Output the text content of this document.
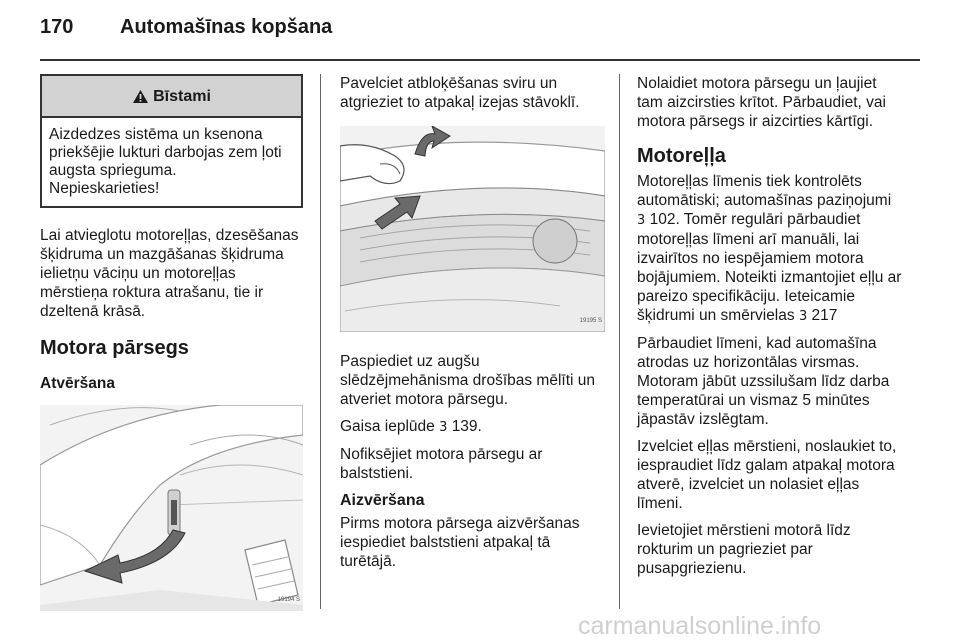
170	Automašīnas kopšana
Bīstami
Aizdedzes sistēma un ksenona priekšējie lukturi darbojas zem ļoti augsta sprieguma.
Nepieskarieties!

Lai atvieglotu motoreļļas, dzesēšanas šķidruma un mazgāšanas šķidruma ielietņu vāciņu un motoreļļas mērstieņa roktura atrašanu, tie ir dzeltenā krāsā.

Motora pārsegs
Atvēršana
19194 S

Pavelciet atbloķēšanas sviru un atgrieziet to atpakaļ izejas stāvoklī.

19195 S

Paspiediet uz augšu slēdzējmehānisma drošības mēlīti un atveriet motora pārsegu.

Gaisa ieplūde 3 139.

Nofiksējiet motora pārsegu ar balststieni.

Aizvēršana

Pirms motora pārsega aizvēršanas iespiediet balststieni atpakaļ tā turētājā.

Nolaidiet motora pārsegu un ļaujiet tam aizcirsties krītot. Pārbaudiet, vai motora pārsegs ir aizcirties kārtīgi.

Motoreļļa

Motoreļļas līmenis tiek kontrolēts automātiski; automašīnas paziņojumi 3 102. Tomēr regulāri pārbaudiet motoreļļas līmeni arī manuāli, lai izvairītos no iespējamiem motora bojājumiem. Noteikti izmantojiet eļļu ar pareizo specifikāciju. Ieteicamie šķidrumi un smērvielas 3 217

Pārbaudiet līmeni, kad automašīna atrodas uz horizontālas virsmas. Motoram jābūt uzssilušam līdz darba temperatūrai un vismaz 5 minūtes jāpastāv izslēgtam.

Izvelciet eļļas mērstieni, noslaukiet to, iespraudiet līdz galam atpakaļ motora atverē, izvelciet un nolasiet eļļas līmeni.

Ievietojiet mērstieni motorā līdz rokturim un pagrieziet par pusapgriezienu.

carmanualsonline.info
